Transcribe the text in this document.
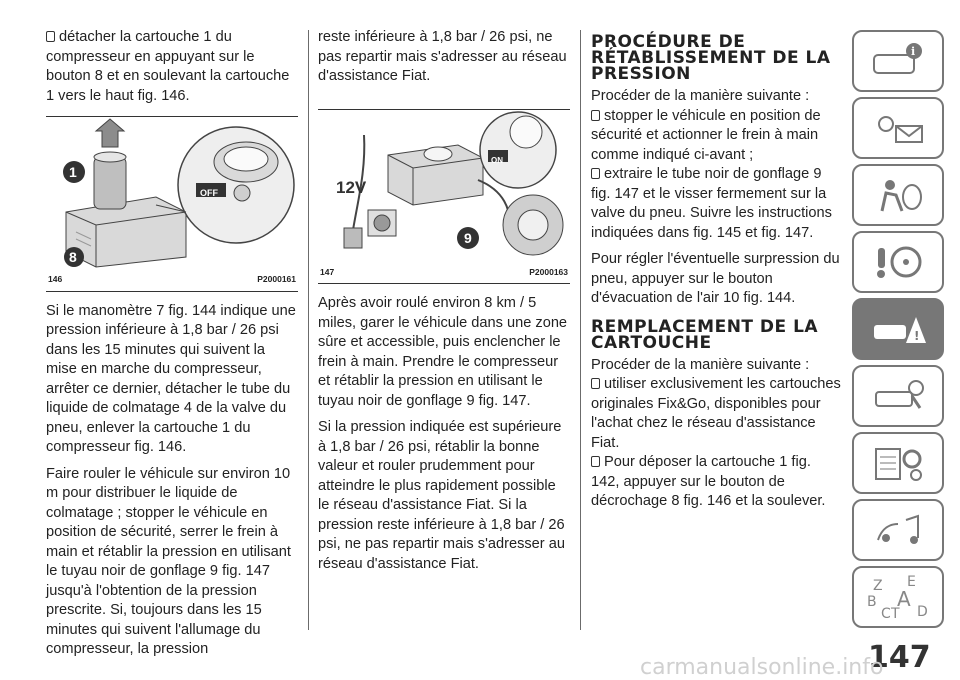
détacher la cartouche 1 du compresseur en appuyant sur le bouton 8 et en soulevant la cartouche 1 vers le haut fig. 146.

OFF
1
8
146	P2000161

Si le manomètre 7 fig. 144 indique une pression inférieure à 1,8 bar / 26 psi dans les 15 minutes qui suivent la mise en marche du compresseur, arrêter ce dernier, détacher le tube du liquide de colmatage 4 de la valve du pneu, enlever la cartouche 1 du compresseur fig. 146.

Faire rouler le véhicule sur environ 10 m pour distribuer le liquide de colmatage ; stopper le véhicule en position de sécurité, serrer le frein à main et rétablir la pression en utilisant le tuyau noir de gonflage 9 fig. 147 jusqu'à l'obtention de la pression prescrite. Si, toujours dans les 15 minutes qui suivent l'allumage du compresseur, la pression

reste inférieure à 1,8 bar / 26 psi, ne pas repartir mais s'adresser au réseau d'assistance Fiat.

12V
ON
9
147	P2000163

Après avoir roulé environ 8 km / 5 miles, garer le véhicule dans une zone sûre et accessible, puis enclencher le frein à main. Prendre le compresseur et rétablir la pression en utilisant le tuyau noir de gonflage 9 fig. 147.

Si la pression indiquée est supérieure à 1,8 bar / 26 psi, rétablir la bonne valeur et rouler prudemment pour atteindre le plus rapidement possible le réseau d'assistance Fiat. Si la pression reste inférieure à 1,8 bar / 26 psi, ne pas repartir mais s'adresser au réseau d'assistance Fiat.

PROCÉDURE DE RÉTABLISSEMENT DE LA PRESSION

Procéder de la manière suivante :

stopper le véhicule en position de sécurité et actionner le frein à main comme indiqué ci-avant ;

extraire le tube noir de gonflage 9 fig. 147 et le visser fermement sur la valve du pneu. Suivre les instructions indiquées dans fig. 145 et fig. 147.

Pour régler l'éventuelle surpression du pneu, appuyer sur le bouton d'évacuation de l'air 10 fig. 144.

REMPLACEMENT DE LA CARTOUCHE

Procéder de la manière suivante :

utiliser exclusivement les cartouches originales Fix&Go, disponibles pour l'achat chez le réseau d'assistance Fiat.

Pour déposer la cartouche 1 fig. 142, appuyer sur le bouton de décrochage 8 fig. 146 et la soulever.

i
!
Z E
B A
C T D
147
carmanualsonline.info
